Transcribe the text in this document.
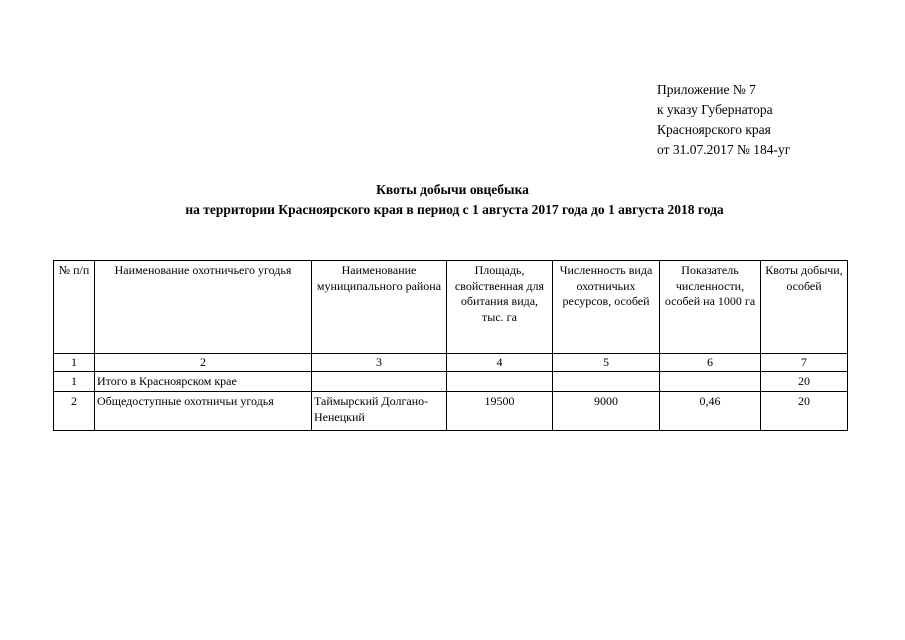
Приложение № 7
к указу Губернатора
Красноярского края
от 31.07.2017 № 184-уг
Квоты добычи овцебыка
на территории Красноярского края в период с 1 августа 2017 года до 1 августа 2018 года
№ п/п	Наименование охотничьего угодья	Наименование муниципального района	Площадь, свойственная для обитания вида, тыс. га	Численность вида охотничьих ресурсов, особей	Показатель численности, особей на 1000 га	Квоты добычи, особей
1	2	3	4	5	6	7
1	Итого в Красноярском крае					20
2	Общедоступные охотничьи угодья	Таймырский Долгано-Ненецкий	19500	9000	0,46	20
